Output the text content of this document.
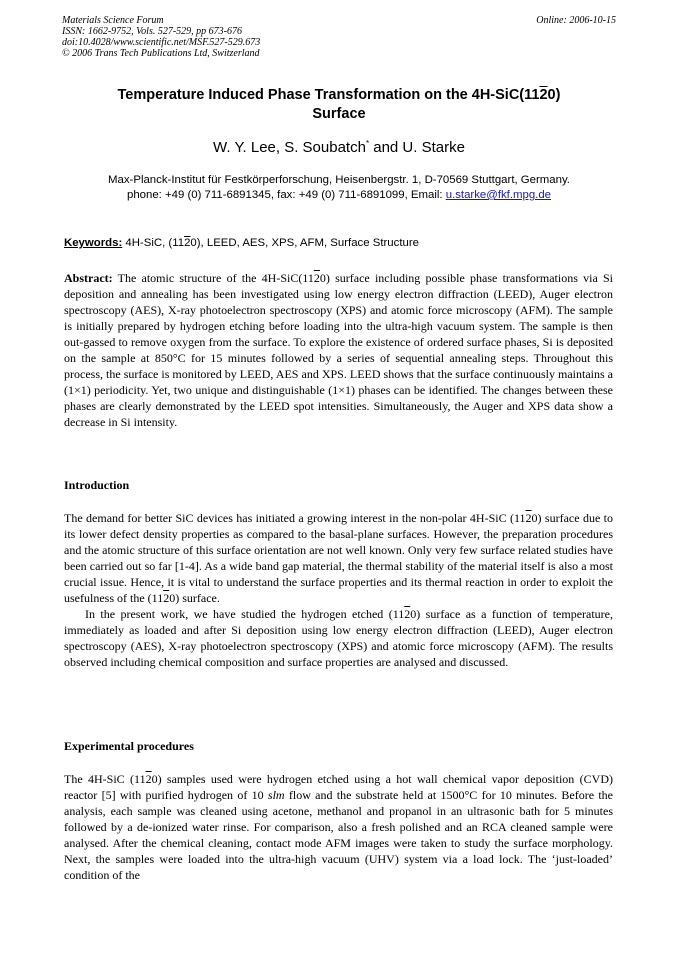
Materials Science Forum
ISSN: 1662-9752, Vols. 527-529, pp 673-676
doi:10.4028/www.scientific.net/MSF.527-529.673
© 2006 Trans Tech Publications Ltd, Switzerland
Online: 2006-10-15
Temperature Induced Phase Transformation on the 4H-SiC(1120)
Surface
W. Y. Lee, S. Soubatch* and U. Starke
Max-Planck-Institut für Festkörperforschung, Heisenbergstr. 1, D-70569 Stuttgart, Germany.
phone: +49 (0) 711-6891345, fax: +49 (0) 711-6891099, Email: u.starke@fkf.mpg.de
Keywords: 4H-SiC, (1120), LEED, AES, XPS, AFM, Surface Structure

Abstract: The atomic structure of the 4H-SiC(1120) surface including possible phase transformations via Si deposition and annealing has been investigated using low energy electron diffraction (LEED), Auger electron spectroscopy (AES), X-ray photoelectron spectroscopy (XPS) and atomic force microscopy (AFM). The sample is initially prepared by hydrogen etching before loading into the ultra-high vacuum system. The sample is then out-gassed to remove oxygen from the surface. To explore the existence of ordered surface phases, Si is deposited on the sample at 850°C for 15 minutes followed by a series of sequential annealing steps. Throughout this process, the surface is monitored by LEED, AES and XPS. LEED shows that the surface continuously maintains a (1×1) periodicity. Yet, two unique and distinguishable (1×1) phases can be identified. The changes between these phases are clearly demonstrated by the LEED spot intensities. Simultaneously, the Auger and XPS data show a decrease in Si intensity.

Introduction

The demand for better SiC devices has initiated a growing interest in the non-polar 4H-SiC (1120) surface due to its lower defect density properties as compared to the basal-plane surfaces. However, the preparation procedures and the atomic structure of this surface orientation are not well known. Only very few surface related studies have been carried out so far [1-4]. As a wide band gap material, the thermal stability of the material itself is also a most crucial issue. Hence, it is vital to understand the surface properties and its thermal reaction in order to exploit the usefulness of the (1120) surface.

In the present work, we have studied the hydrogen etched (1120) surface as a function of temperature, immediately as loaded and after Si deposition using low energy electron diffraction (LEED), Auger electron spectroscopy (AES), X-ray photoelectron spectroscopy (XPS) and atomic force microscopy (AFM). The results observed including chemical composition and surface properties are analysed and discussed.

Experimental procedures

The 4H-SiC (1120) samples used were hydrogen etched using a hot wall chemical vapor deposition (CVD) reactor [5] with purified hydrogen of 10 slm flow and the substrate held at 1500°C for 10 minutes. Before the analysis, each sample was cleaned using acetone, methanol and propanol in an ultrasonic bath for 5 minutes followed by a de-ionized water rinse. For comparison, also a fresh polished and an RCA cleaned sample were analysed. After the chemical cleaning, contact mode AFM images were taken to study the surface morphology. Next, the samples were loaded into the ultra-high vacuum (UHV) system via a load lock. The ‘just-loaded’ condition of the
